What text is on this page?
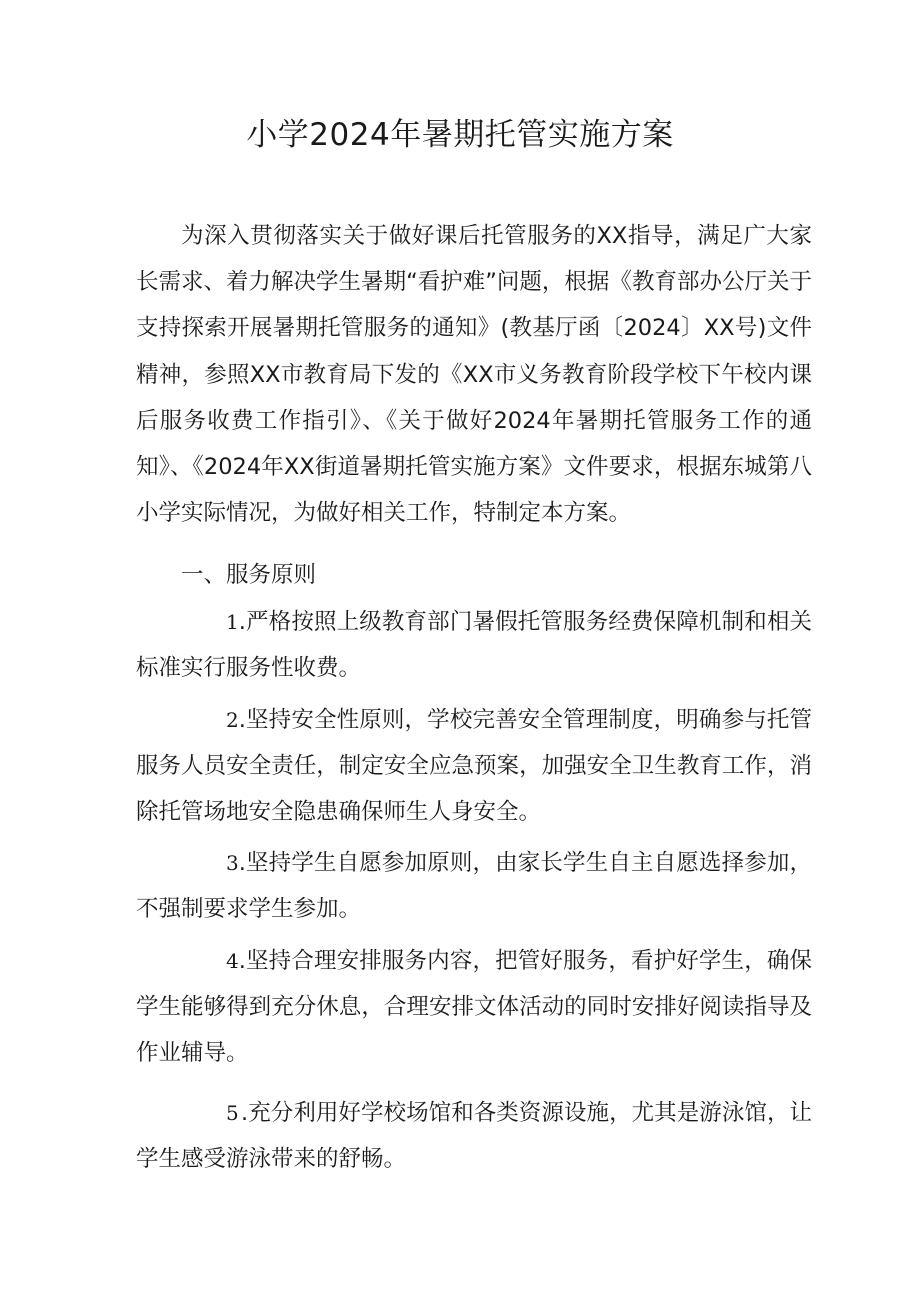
小学2024年暑期托管实施方案

为深入贯彻落实关于做好课后托管服务的XX指导，满足广大家长需求、着力解决学生暑期“看护难”问题，根据《教育部办公厅关于支持探索开展暑期托管服务的通知》(教基厅函〔2024〕XX号)文件精神，参照XX市教育局下发的《XX市义务教育阶段学校下午校内课后服务收费工作指引》、《关于做好2024年暑期托管服务工作的通知》、《2024年XX街道暑期托管实施方案》文件要求，根据东城第八小学实际情况，为做好相关工作，特制定本方案。

一、服务原则

1.严格按照上级教育部门暑假托管服务经费保障机制和相关标准实行服务性收费。

2.坚持安全性原则，学校完善安全管理制度，明确参与托管服务人员安全责任，制定安全应急预案，加强安全卫生教育工作，消除托管场地安全隐患确保师生人身安全。

3.坚持学生自愿参加原则，由家长学生自主自愿选择参加，不强制要求学生参加。

4.坚持合理安排服务内容，把管好服务，看护好学生，确保学生能够得到充分休息，合理安排文体活动的同时安排好阅读指导及作业辅导。

5 .充分利用好学校场馆和各类资源设施，尤其是游泳馆，让学生感受游泳带来的舒畅。
